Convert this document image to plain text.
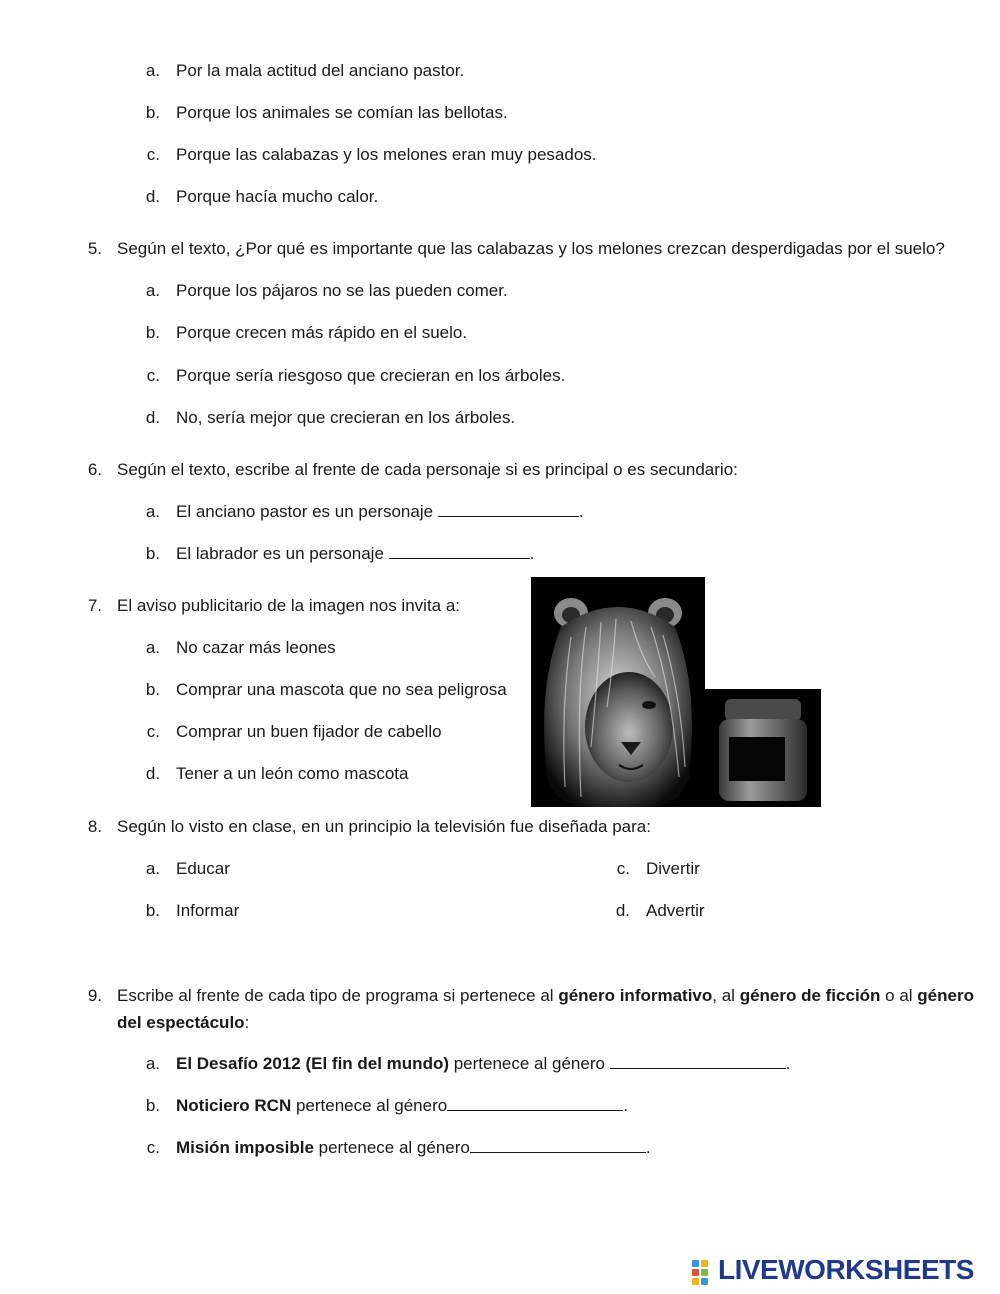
a. Por la mala actitud del anciano pastor.
b. Porque los animales se comían las bellotas.
c. Porque las calabazas y los melones eran muy pesados.
d. Porque hacía mucho calor.
5. Según el texto, ¿Por qué es importante que las calabazas y los melones crezcan desperdigadas por el suelo?
a. Porque los pájaros no se las pueden comer.
b. Porque crecen más rápido en el suelo.
c. Porque sería riesgoso que crecieran en los árboles.
d. No, sería mejor que crecieran en los árboles.
6. Según el texto, escribe al frente de cada personaje si es principal o es secundario:
a. El anciano pastor es un personaje	.
b. El labrador es un personaje	.
7. El aviso publicitario de la imagen nos invita a:
a. No cazar más leones
b. Comprar una mascota que no sea peligrosa
c. Comprar un buen fijador de cabello
d. Tener a un león como mascota
8. Según lo visto en clase, en un principio la televisión fue diseñada para:
a. Educar
b. Informar
c. Divertir
d. Advertir
9. Escribe al frente de cada tipo de programa si pertenece al género informativo, al género de ficción o al género
del espectáculo:
a. El Desafío 2012 (El fin del mundo) pertenece al género	.
b. Noticiero RCN pertenece al género	.
c. Misión imposible pertenece al género	.
LIVEWORKSHEETS
